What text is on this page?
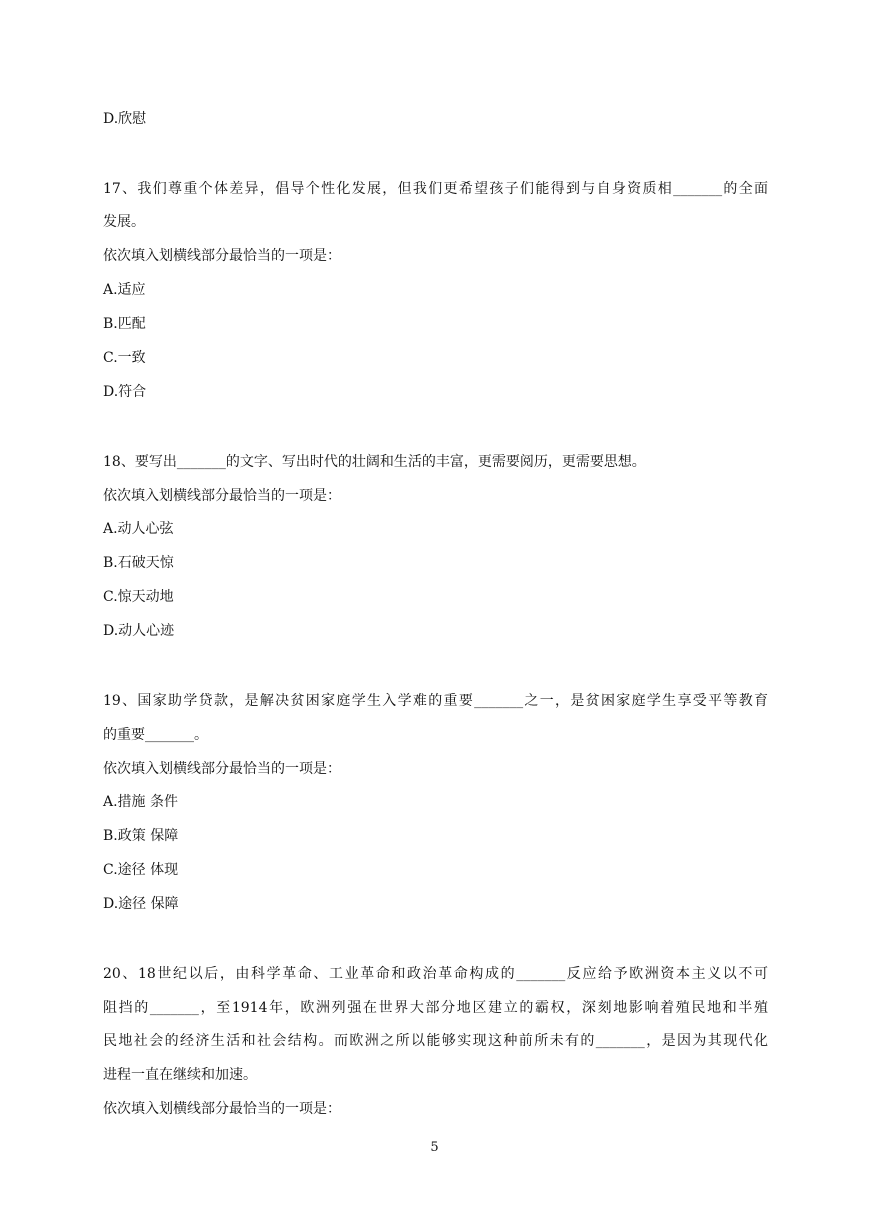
D.欣慰
17、我们尊重个体差异，倡导个性化发展，但我们更希望孩子们能得到与自身资质相_______的全面
发展。
依次填入划横线部分最恰当的一项是：
A.适应
B.匹配
C.一致
D.符合
18、要写出_______的文字、写出时代的壮阔和生活的丰富，更需要阅历，更需要思想。
依次填入划横线部分最恰当的一项是：
A.动人心弦
B.石破天惊
C.惊天动地
D.动人心迹
19、国家助学贷款，是解决贫困家庭学生入学难的重要_______之一，是贫困家庭学生享受平等教育
的重要_______。
依次填入划横线部分最恰当的一项是：
A.措施 条件
B.政策 保障
C.途径 体现
D.途径 保障
20、18世纪以后，由科学革命、工业革命和政治革命构成的_______反应给予欧洲资本主义以不可
阻挡的_______，至1914年，欧洲列强在世界大部分地区建立的霸权，深刻地影响着殖民地和半殖
民地社会的经济生活和社会结构。而欧洲之所以能够实现这种前所未有的_______，是因为其现代化
进程一直在继续和加速。
依次填入划横线部分最恰当的一项是：
5
